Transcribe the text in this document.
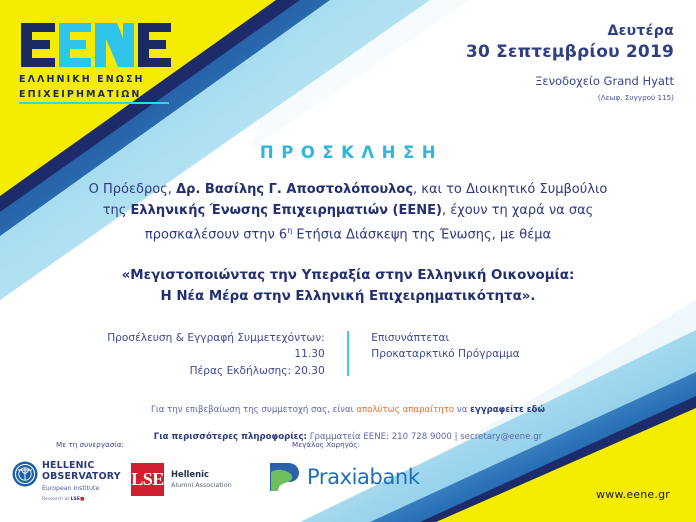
ΕΛΛΗΝΙΚΗ ΕΝΩΣΗ
ΕΠΙΧΕΙΡΗΜΑΤΙΩΝ
Δευτέρα
30 Σεπτεμβρίου 2019
Ξενοδοχείο Grand Hyatt
(Λεωφ. Συγγρού 115)
ΠΡΟΣΚΛΗΣΗ
Ο Πρόεδρος, Δρ. Βασίλης Γ. Αποστολόπουλος, και το Διοικητικό Συμβούλιο της Ελληνικής Ένωσης Επιχειρηματιών (ΕΕΝΕ), έχουν τη χαρά να σας προσκαλέσουν στην $6^\eta$ Ετήσια Διάσκεψη της Ένωσης, με θέμα
«Μεγιστοποιώντας την Υπεραξία στην Ελληνική Οικονομία:
Η Νέα Μέρα στην Ελληνική Επιχειρηματικότητα».
Προσέλευση & Εγγραφή Συμμετεχόντων: 11.30
Πέρας Εκδήλωσης: 20.30
Επισυνάπτεται
Προκαταρκτικό Πρόγραμμα
Για την επιβεβαίωση της συμμετοχή σας, είναι απολύτως απαραίτητο να εγγραφείτε εδώ
Για περισσότερες πληροφορίες: Γραμματεία ΕΕΝΕ: 210 728 9000 | secretary@eene.gr
Με τη συνεργασία:	Μεγάλος Χορηγός:
HELLENIC
OBSERVATORY
European Institute
Research at LSE■
LSE Hellenic
Alumni Association	Praxiabank
www.eene.gr
